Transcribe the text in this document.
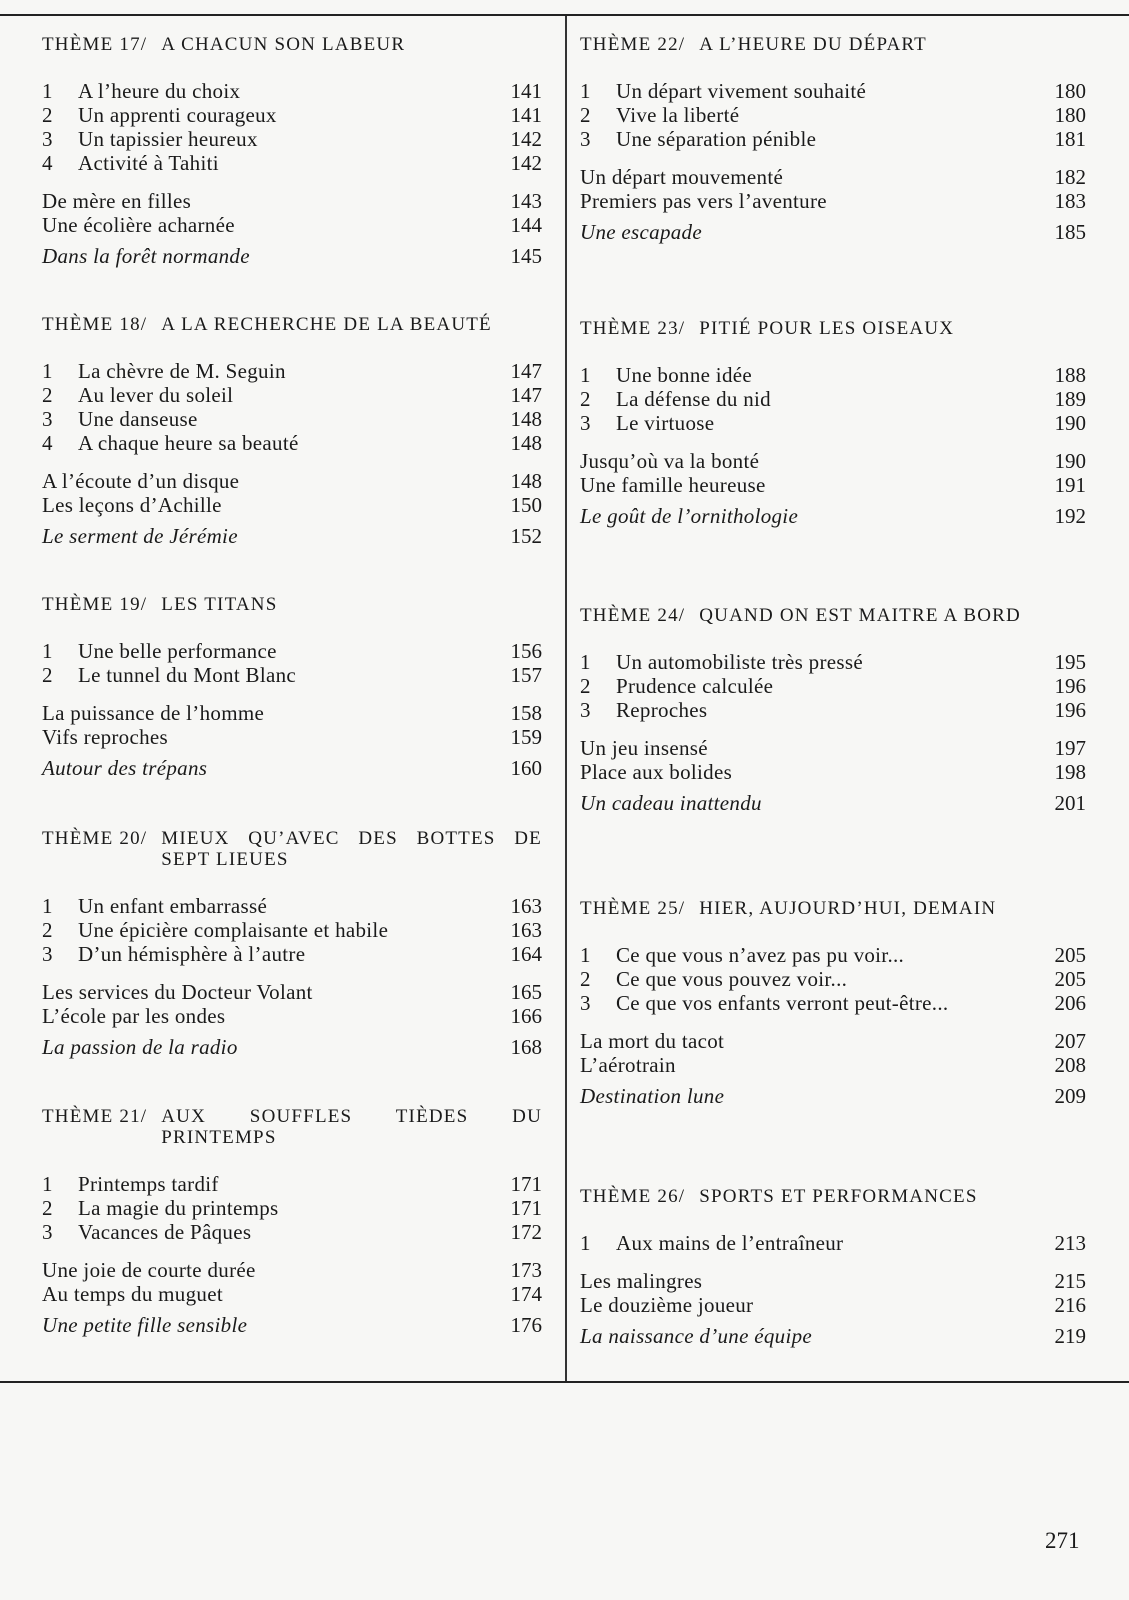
THÈME 17/ A CHACUN SON LABEUR
1	A l’heure du choix	141
2	Un apprenti courageux	141
3	Un tapissier heureux	142
4	Activité à Tahiti	142
De mère en filles	143
Une écolière acharnée	144
Dans la forêt normande	145
THÈME 18/ A LA RECHERCHE DE LA BEAUTÉ
1	La chèvre de M. Seguin	147
2	Au lever du soleil	147
3	Une danseuse	148
4	A chaque heure sa beauté	148
A l’écoute d’un disque	148
Les leçons d’Achille	150
Le serment de Jérémie	152
THÈME 19/ LES TITANS
1	Une belle performance	156
2	Le tunnel du Mont Blanc	157
La puissance de l’homme	158
Vifs reproches	159
Autour des trépans	160
THÈME 20/ MIEUX QU’AVEC DES BOTTES DE SEPT LIEUES
1	Un enfant embarrassé	163
2	Une épicière complaisante et habile	163
3	D’un hémisphère à l’autre	164
Les services du Docteur Volant	165
L’école par les ondes	166
La passion de la radio	168
THÈME 21/ AUX SOUFFLES TIÈDES DU PRINTEMPS
1	Printemps tardif	171
2	La magie du printemps	171
3	Vacances de Pâques	172
Une joie de courte durée	173
Au temps du muguet	174
Une petite fille sensible	176
THÈME 22/ A L’HEURE DU DÉPART
1	Un départ vivement souhaité	180
2	Vive la liberté	180
3	Une séparation pénible	181
Un départ mouvementé	182
Premiers pas vers l’aventure	183
Une escapade	185
THÈME 23/ PITIÉ POUR LES OISEAUX
1	Une bonne idée	188
2	La défense du nid	189
3	Le virtuose	190
Jusqu’où va la bonté	190
Une famille heureuse	191
Le goût de l’ornithologie	192
THÈME 24/ QUAND ON EST MAITRE A BORD
1	Un automobiliste très pressé	195
2	Prudence calculée	196
3	Reproches	196
Un jeu insensé	197
Place aux bolides	198
Un cadeau inattendu	201
THÈME 25/ HIER, AUJOURD’HUI, DEMAIN
1	Ce que vous n’avez pas pu voir...	205
2	Ce que vous pouvez voir...	205
3	Ce que vos enfants verront peut-être...	206
La mort du tacot	207
L’aérotrain	208
Destination lune	209
THÈME 26/ SPORTS ET PERFORMANCES
1	Aux mains de l’entraîneur	213
Les malingres	215
Le douzième joueur	216
La naissance d’une équipe	219
271
